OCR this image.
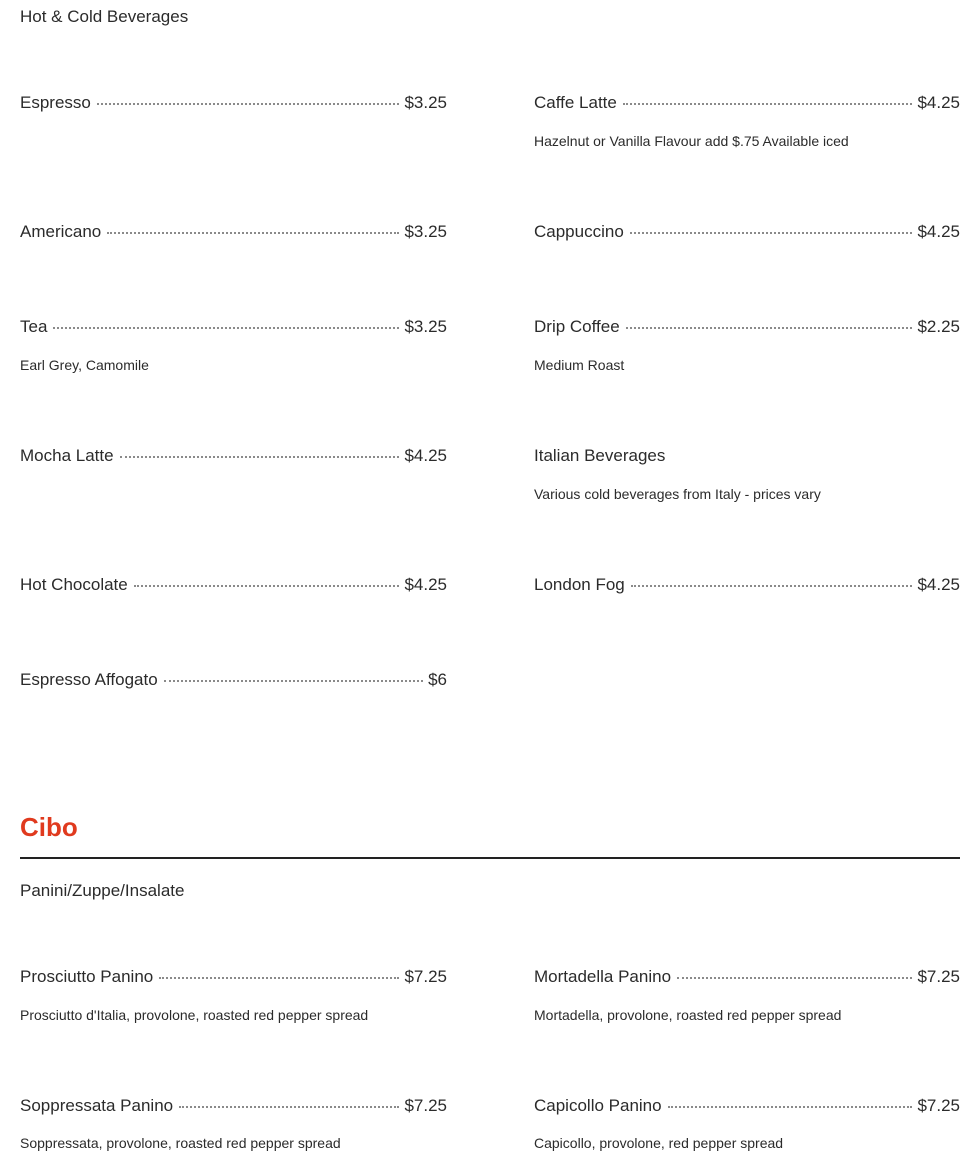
Hot & Cold Beverages
Espresso	$3.25	Caffe Latte	$4.25
Hazelnut or Vanilla Flavour add $.75 Available iced
Americano	$3.25	Cappuccino	$4.25
Tea	$3.25
Earl Grey, Camomile
Drip Coffee	$2.25
Medium Roast
Mocha Latte	$4.25	Italian Beverages
Various cold beverages from Italy - prices vary
Hot Chocolate	$4.25	London Fog	$4.25
Espresso Affogato	$6
Cibo
Panini/Zuppe/Insalate
Prosciutto Panino	$7.25
Prosciutto d'Italia, provolone, roasted red pepper spread
Mortadella Panino	$7.25
Mortadella, provolone, roasted red pepper spread
Soppressata Panino	$7.25
Soppressata, provolone, roasted red pepper spread
Capicollo Panino	$7.25
Capicollo, provolone, red pepper spread
